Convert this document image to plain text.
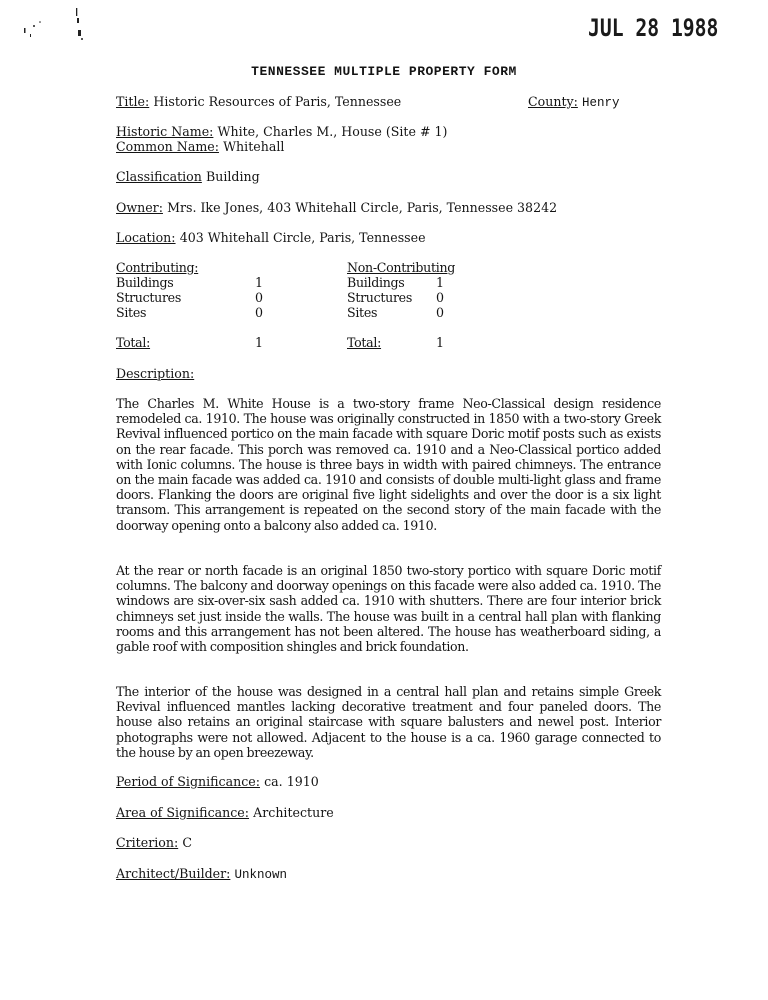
JUL 28 1988
TENNESSEE MULTIPLE PROPERTY FORM
Title: Historic Resources of Paris, Tennessee	County: Henry
Historic Name: White, Charles M., House (Site # 1)
Common Name: Whitehall
Classification Building
Owner: Mrs. Ike Jones, 403 Whitehall Circle, Paris, Tennessee 38242
Location: 403 Whitehall Circle, Paris, Tennessee
Contributing:
Buildings	1
Structures	0
Sites	0
Total:	1
Non-Contributing
Buildings	1
Structures 0
Sites	0
Total:	1
Description:
The Charles M. White House is a two-story frame Neo-Classical design residence remodeled ca. 1910. The house was originally constructed in 1850 with a two-story Greek Revival influenced portico on the main facade with square Doric motif posts such as exists on the rear facade. This porch was removed ca. 1910 and a Neo-Classical portico added with Ionic columns. The house is three bays in width with paired chimneys. The entrance on the main facade was added ca. 1910 and consists of double multi-light glass and frame doors. Flanking the doors are original five light sidelights and over the door is a six light transom. This arrangement is repeated on the second story of the main facade with the doorway opening onto a balcony also added ca. 1910.
At the rear or north facade is an original 1850 two-story portico with square Doric motif columns. The balcony and doorway openings on this facade were also added ca. 1910. The windows are six-over-six sash added ca. 1910 with shutters. There are four interior brick chimneys set just inside the walls. The house was built in a central hall plan with flanking rooms and this arrangement has not been altered. The house has weatherboard siding, a gable roof with composition shingles and brick foundation.
The interior of the house was designed in a central hall plan and retains simple Greek Revival influenced mantles lacking decorative treatment and four paneled doors. The house also retains an original staircase with square balusters and newel post. Interior photographs were not allowed. Adjacent to the house is a ca. 1960 garage connected to the house by an open breezeway.
Period of Significance: ca. 1910
Area of Significance: Architecture
Criterion: C
Architect/Builder: Unknown
